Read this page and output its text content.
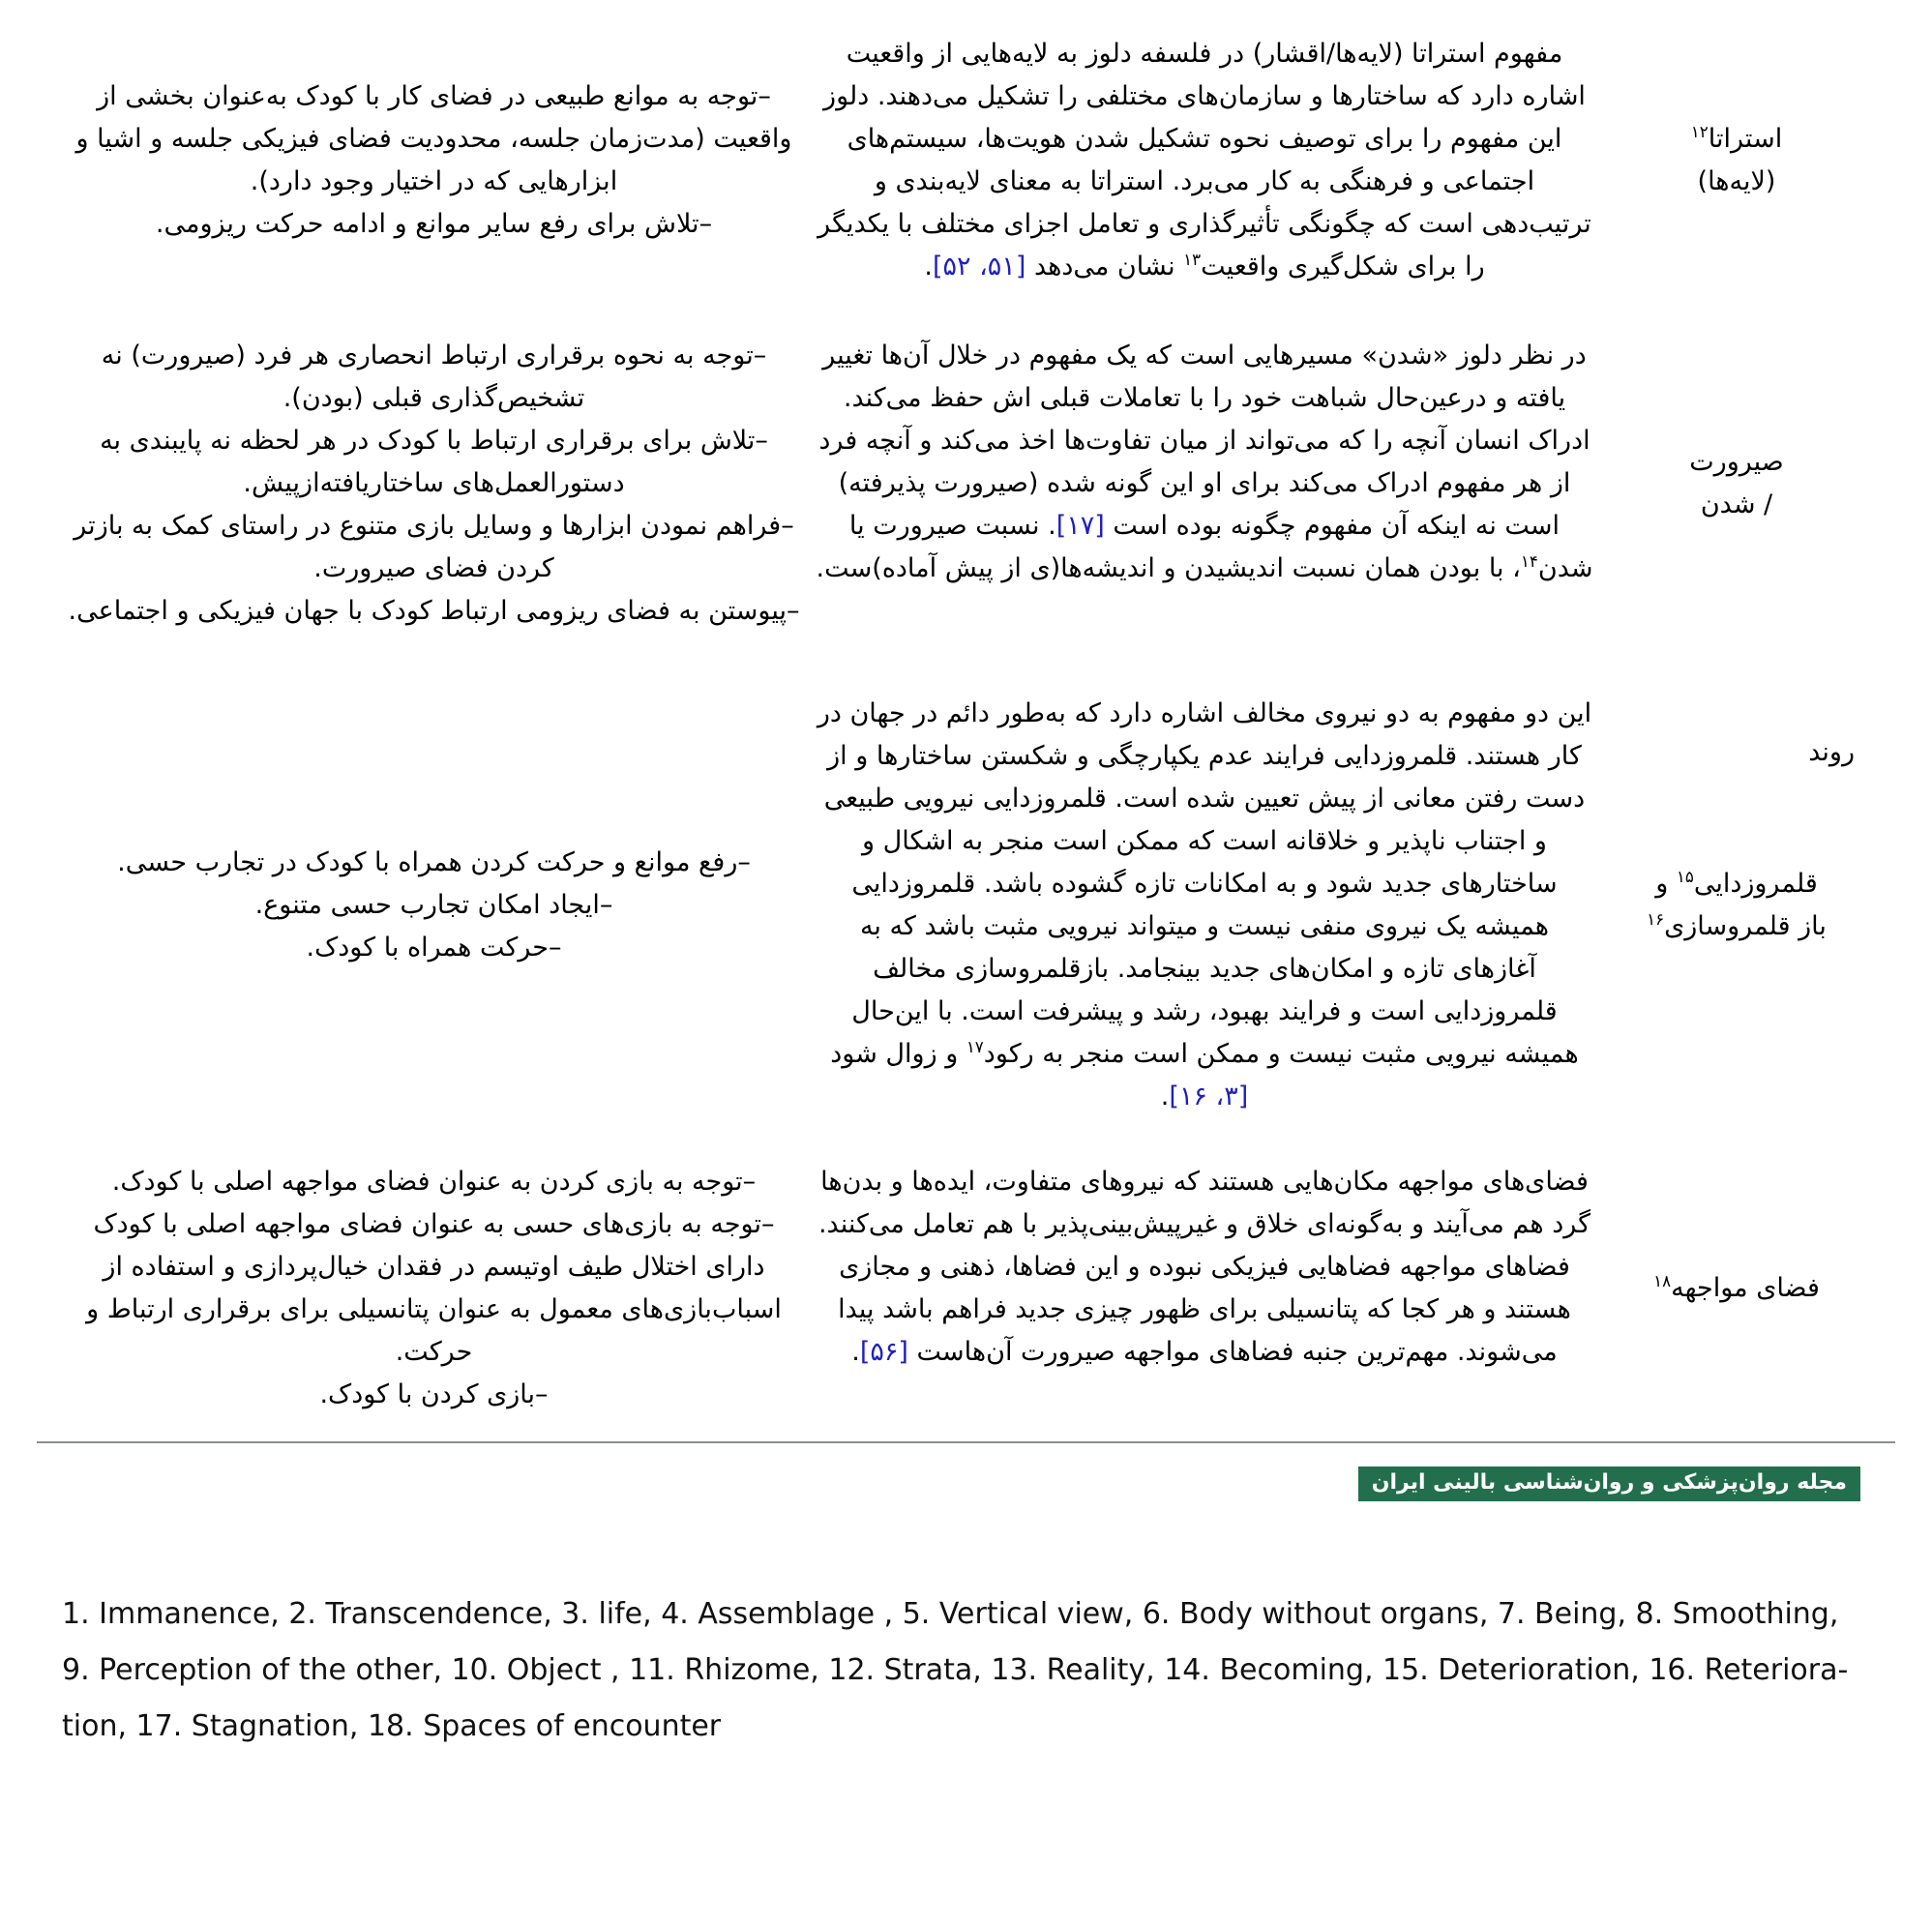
استراتا$^{۱۲}$
(لایه‌ها)

مفهوم استراتا (لایه‌ها/اقشار) در فلسفه دلوز به لایه‌هایی از واقعیت اشاره دارد که ساختارها و سازمان‌های مختلفی را تشکیل می‌دهند. دلوز این مفهوم را برای توصیف نحوه تشکیل شدن هویت‌ها، سیستم‌های اجتماعی و فرهنگی به کار می‌برد. استراتا به معنای لایه‌بندی و ترتیب‌دهی است که چگونگی تأثیرگذاری و تعامل اجزای مختلف با یکدیگر را برای شکل‌گیری واقعیت$^{۱۳}$ نشان می‌دهد [۵۱، ۵۲].

–توجه به موانع طبیعی در فضای کار با کودک به‌عنوان بخشی از واقعیت (مدت‌زمان جلسه، محدودیت فضای فیزیکی جلسه و اشیا و ابزارهایی که در اختیار وجود دارد).
–تلاش برای رفع سایر موانع و ادامه حرکت ریزومی.
صیرورت
/ شدن

در نظر دلوز «شدن» مسیرهایی است که یک مفهوم در خلال آن‌ها تغییر یافته و درعین‌حال شباهت خود را با تعاملات قبلی اش حفظ می‌کند. ادراک انسان آنچه را که می‌تواند از میان تفاوت‌ها اخذ می‌کند و آنچه فرد از هر مفهوم ادراک می‌کند برای او این گونه شده (صیرورت پذیرفته) است نه اینکه آن مفهوم چگونه بوده است [۱۷]. نسبت صیرورت یا شدن$^{۱۴}$، با بودن همان نسبت اندیشیدن و اندیشه‌ها(ی از پیش آماده)ست.

–توجه به نحوه برقراری ارتباط انحصاری هر فرد (صیرورت) نه تشخیص‌گذاری قبلی (بودن).
–تلاش برای برقراری ارتباط با کودک در هر لحظه نه پایبندی به دستورالعمل‌های ساختاریافته‌ازپیش.
–فراهم نمودن ابزارها و وسایل بازی متنوع در راستای کمک به بازتر کردن فضای صیرورت.
–پیوستن به فضای ریزومی ارتباط کودک با جهان فیزیکی و اجتماعی.
روند
قلمروزدایی$^{۱۵}$ و
باز قلمروسازی$^{۱۶}$

این دو مفهوم به دو نیروی مخالف اشاره دارد که به‌طور دائم در جهان در کار هستند. قلمروزدایی فرایند عدم یکپارچگی و شکستن ساختارها و از دست رفتن معانی از پیش تعیین شده است. قلمروزدایی نیرویی طبیعی و اجتناب ناپذیر و خلاقانه است که ممکن است منجر به اشکال و ساختارهای جدید شود و به امکانات تازه گشوده باشد. قلمروزدایی همیشه یک نیروی منفی نیست و میتواند نیرویی مثبت باشد که به آغازهای تازه و امکان‌های جدید بینجامد. بازقلمروسازی مخالف قلمروزدایی است و فرایند بهبود، رشد و پیشرفت است. با این‌حال همیشه نیرویی مثبت نیست و ممکن است منجر به رکود$^{۱۷}$ و زوال شود [۳، ۱۶].

–رفع موانع و حرکت کردن همراه با کودک در تجارب حسی.
–ایجاد امکان تجارب حسی متنوع.
–حرکت همراه با کودک.
فضای مواجهه$^{۱۸}$

فضای‌های مواجهه مکان‌هایی هستند که نیروهای متفاوت، ایده‌ها و بدن‌ها گرد هم می‌آیند و به‌گونه‌ای خلاق و غیرپیش‌بینی‌پذیر با هم تعامل می‌کنند. فضاهای مواجهه فضاهایی فیزیکی نبوده و این فضاها، ذهنی و مجازی هستند و هر کجا که پتانسیلی برای ظهور چیزی جدید فراهم باشد پیدا می‌شوند. مهم‌ترین جنبه فضاهای مواجهه صیرورت آن‌هاست [۵۶].

–توجه به بازی کردن به عنوان فضای مواجهه اصلی با کودک.
–توجه به بازی‌های حسی به عنوان فضای مواجهه اصلی با کودک دارای اختلال طیف اوتیسم در فقدان خیال‌پردازی و استفاده از اسباب‌بازی‌های معمول به عنوان پتانسیلی برای برقراری ارتباط و حرکت.
–بازی کردن با کودک.
مجله روان‌پزشکی و روان‌شناسی بالینی ایران
1. Immanence, 2. Transcendence, 3. life, 4. Assemblage , 5. Vertical view, 6. Body without organs, 7. Being, 8. Smoothing,
9. Perception of the other, 10. Object , 11. Rhizome, 12. Strata, 13. Reality, 14. Becoming, 15. Deterioration, 16. Reteriora-
tion, 17. Stagnation, 18. Spaces of encounter
